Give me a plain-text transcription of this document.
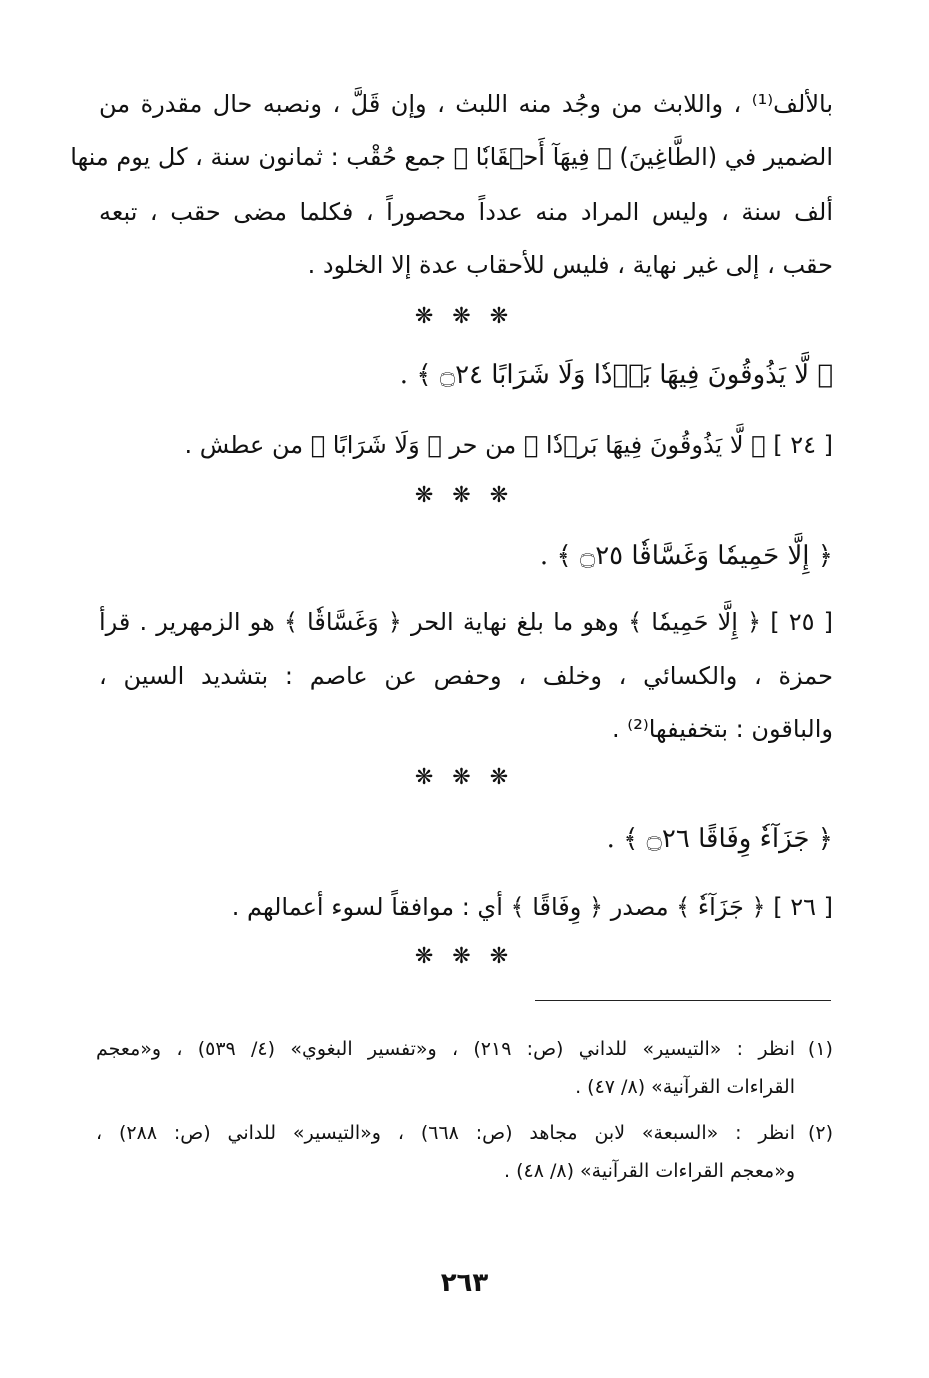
بالألف⁽¹⁾ ، واللابث من وجُد منه اللبث ، وإن قَلَّ ، ونصبه حال مقدرة من
الضمير في (الطَّاغِينَ) ﴿ فِيهَآ أَحۡقَابٗا ﴾ جمع حُقْب : ثمانون سنة ، كل يوم منها
ألف سنة ، وليس المراد منه عدداً محصوراً ، فكلما مضى حقب ، تبعه
حقب ، إلى غير نهاية ، فليس للأحقاب عدة إلا الخلود .
❋ ❋ ❋
﴿ لَّا يَذُوقُونَ فِيهَا بَرۡدٗا وَلَا شَرَابًا ۝٢٤ ﴾ .
[ ٢٤ ] ﴿ لَّا يَذُوقُونَ فِيهَا بَرۡدٗا ﴾ من حر ﴿ وَلَا شَرَابًا ﴾ من عطش .
❋ ❋ ❋
﴿ إِلَّا حَمِيمٗا وَغَسَّاقٗا ۝٢٥ ﴾ .
[ ٢٥ ] ﴿ إِلَّا حَمِيمٗا ﴾ وهو ما بلغ نهاية الحر ﴿ وَغَسَّاقٗا ﴾ هو الزمهرير . قرأ
حمزة ، والكسائي ، وخلف ، وحفص عن عاصم : بتشديد السين ،
والباقون : بتخفيفها⁽²⁾ .
❋ ❋ ❋
﴿ جَزَآءٗ وِفَاقًا ۝٢٦ ﴾ .
[ ٢٦ ] ﴿ جَزَآءٗ ﴾ مصدر ﴿ وِفَاقًا ﴾ أي : موافقاً لسوء أعمالهم .
❋ ❋ ❋
(١)انظر : «التيسير» للداني (ص: ٢١٩) ، و«تفسير البغوي» (٤/ ٥٣٩) ، و«معجم
القراءات القرآنية» (٨/ ٤٧) .
(٢)انظر : «السبعة» لابن مجاهد (ص: ٦٦٨) ، و«التيسير» للداني (ص: ٢٨٨) ،
و«معجم القراءات القرآنية» (٨/ ٤٨) .
٢٦٣
